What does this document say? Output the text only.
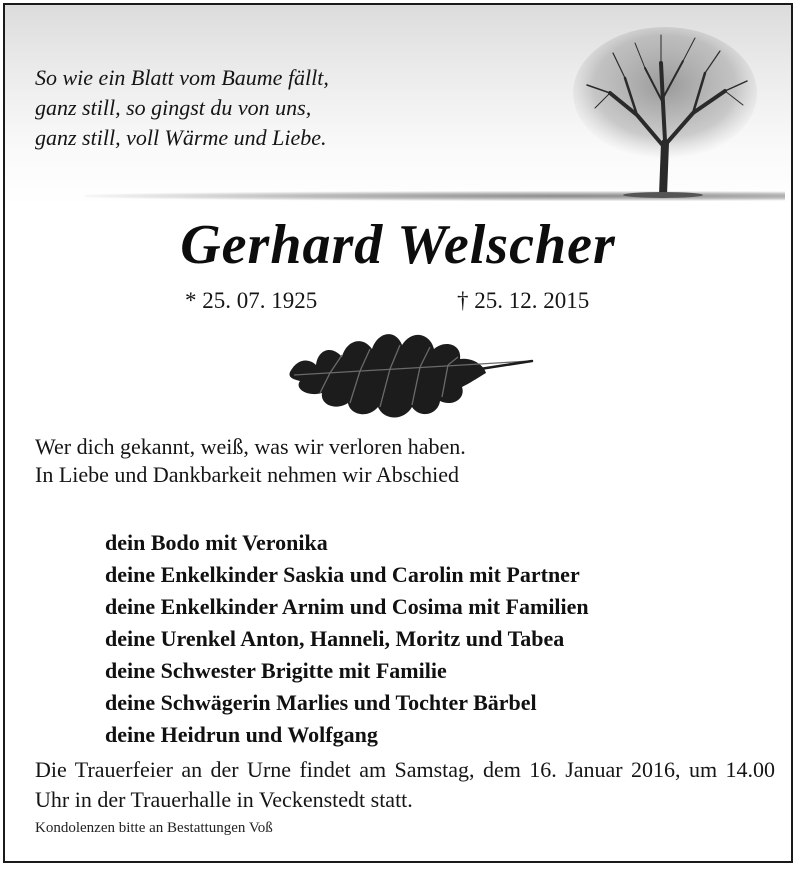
So wie ein Blatt vom Baume fällt,
ganz still, so gingst du von uns,
ganz still, voll Wärme und Liebe.
Gerhard Welscher
* 25. 07. 1925	† 25. 12. 2015
Wer dich gekannt, weiß, was wir verloren haben.
In Liebe und Dankbarkeit nehmen wir Abschied
dein Bodo mit Veronika
deine Enkelkinder Saskia und Carolin mit Partner
deine Enkelkinder Arnim und Cosima mit Familien
deine Urenkel Anton, Hanneli, Moritz und Tabea
deine Schwester Brigitte mit Familie
deine Schwägerin Marlies und Tochter Bärbel
deine Heidrun und Wolfgang
Die Trauerfeier an der Urne findet am Samstag, dem 16. Januar 2016, um 14.00 Uhr in der Trauerhalle in Veckenstedt statt.
Kondolenzen bitte an Bestattungen Voß
